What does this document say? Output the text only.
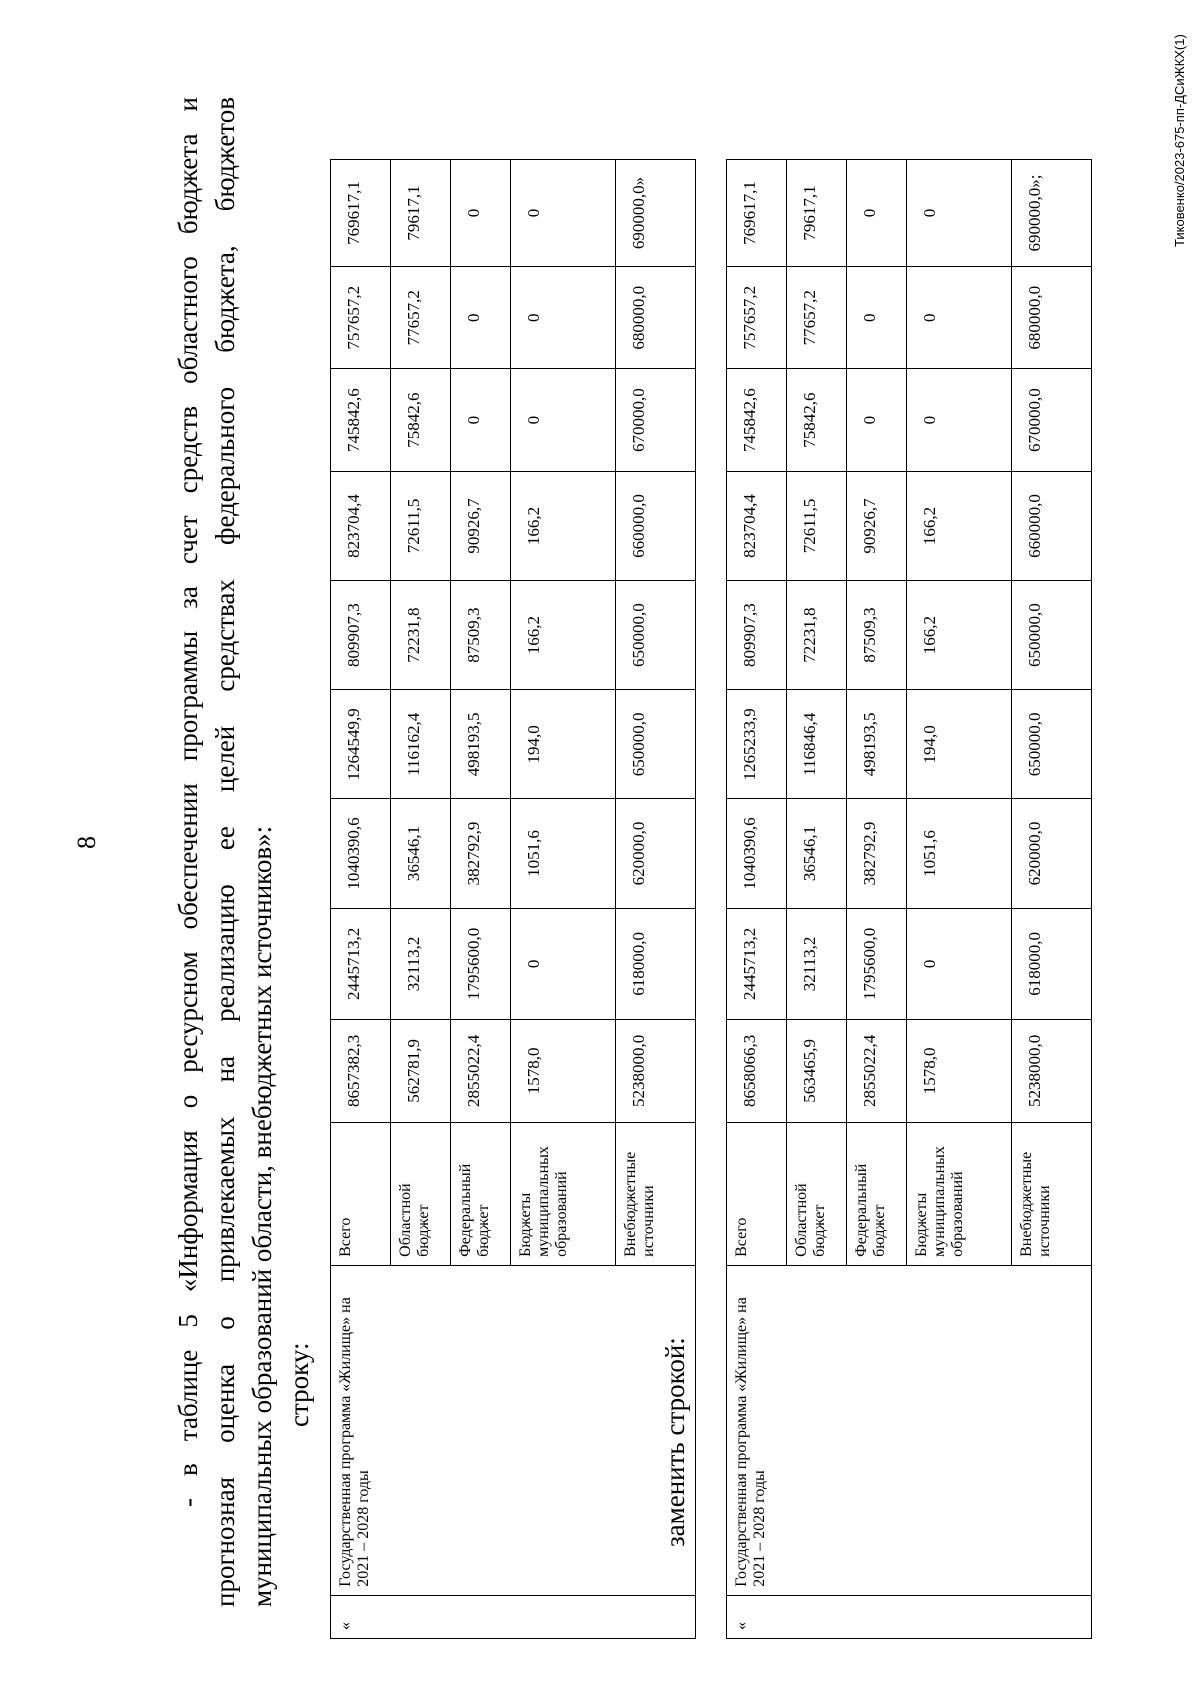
8	- в таблице 5 «Информация о ресурсном обеспечении программы за счет средств областного бюджета и прогнозная оценка о привлекаемых на реализацию ее целей средствах федерального бюджета, бюджетов муниципальных образований области, внебюджетных источников»: строку:

«	Государственная программа «Жилище» на 2021 – 2028 годы	Всего	8657382,3	2445713,2	1040390,6	1264549,9	809907,3	823704,4	745842,6	757657,2	769617,1
		Областной бюджет	562781,9	32113,2	36546,1	116162,4	72231,8	72611,5	75842,6	77657,2	79617,1
		Федеральный бюджет	2855022,4	1795600,0	382792,9	498193,5	87509,3	90926,7	0	0	0
		Бюджеты муниципальных образований	1578,0	0	1051,6	194,0	166,2	166,2	0	0	0
		Внебюджетные источники	5238000,0	618000,0	620000,0	650000,0	650000,0	660000,0	670000,0	680000,0	690000,0»
заменить строкой:
«	Государственная программа «Жилище» на 2021 – 2028 годы	Всего	8658066,3	2445713,2	1040390,6	1265233,9	809907,3	823704,4	745842,6	757657,2	769617,1
		Областной бюджет	563465,9	32113,2	36546,1	116846,4	72231,8	72611,5	75842,6	77657,2	79617,1
		Федеральный бюджет	2855022,4	1795600,0	382792,9	498193,5	87509,3	90926,7	0	0	0
		Бюджеты муниципальных образований	1578,0	0	1051,6	194,0	166,2	166,2	0	0	0
		Внебюджетные источники	5238000,0	618000,0	620000,0	650000,0	650000,0	660000,0	670000,0	680000,0	690000,0»;	Тиковенко/2023-675-пп-ДСиЖКХ(1)
